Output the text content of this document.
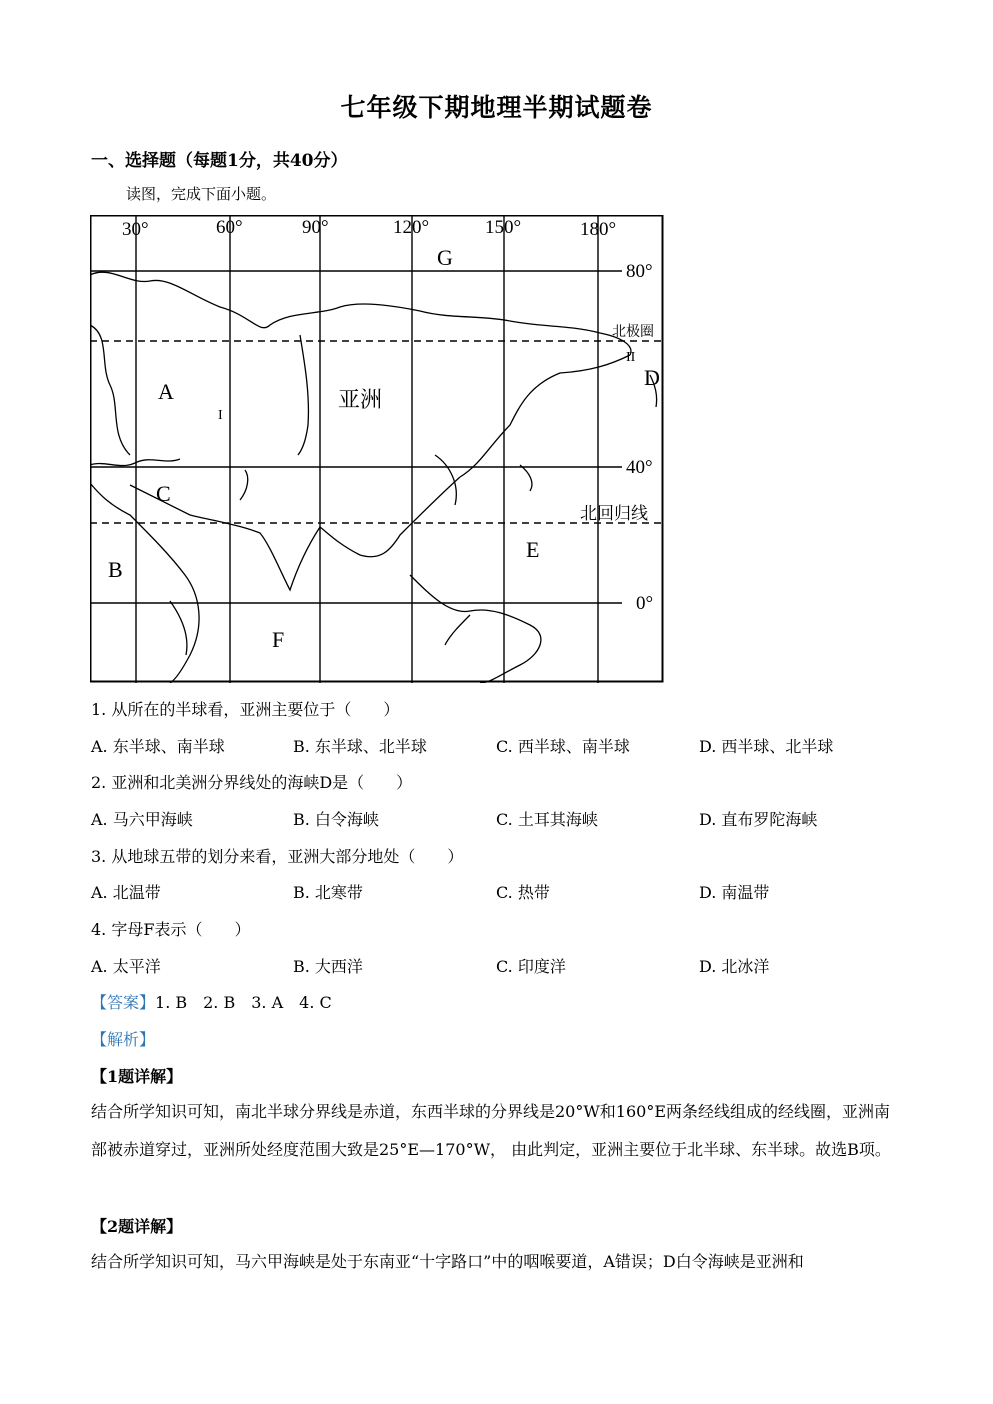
七年级下期地理半期试题卷
一、选择题（每题1分，共40分）
读图，完成下面小题。
30°	60°	90°	120°	150°	180°
80°
40°
0°
北极圈
北回归线
亚洲
G
A
D
C
E
B
F
I
II
1. 从所在的半球看，亚洲主要位于（　　）
A. 东半球、南半球	B. 东半球、北半球	C. 西半球、南半球	D. 西半球、北半球
2. 亚洲和北美洲分界线处的海峡D是（　　）
A. 马六甲海峡	B. 白令海峡	C. 土耳其海峡	D. 直布罗陀海峡
3. 从地球五带的划分来看，亚洲大部分地处（　　）
A. 北温带	B. 北寒带	C. 热带	D. 南温带
4. 字母F表示（　　）
A. 太平洋	B. 大西洋	C. 印度洋	D. 北冰洋
【答案】1. B　2. B　3. A　4. C
【解析】
【1题详解】
结合所学知识可知，南北半球分界线是赤道，东西半球的分界线是20°W和160°E两条经线组成的经线圈，亚洲南部被赤道穿过，亚洲所处经度范围大致是25°E—170°W， 由此判定，亚洲主要位于北半球、东半球。故选B项。
【2题详解】
结合所学知识可知，马六甲海峡是处于东南亚“十字路口”中的咽喉要道，A错误；D白令海峡是亚洲和
